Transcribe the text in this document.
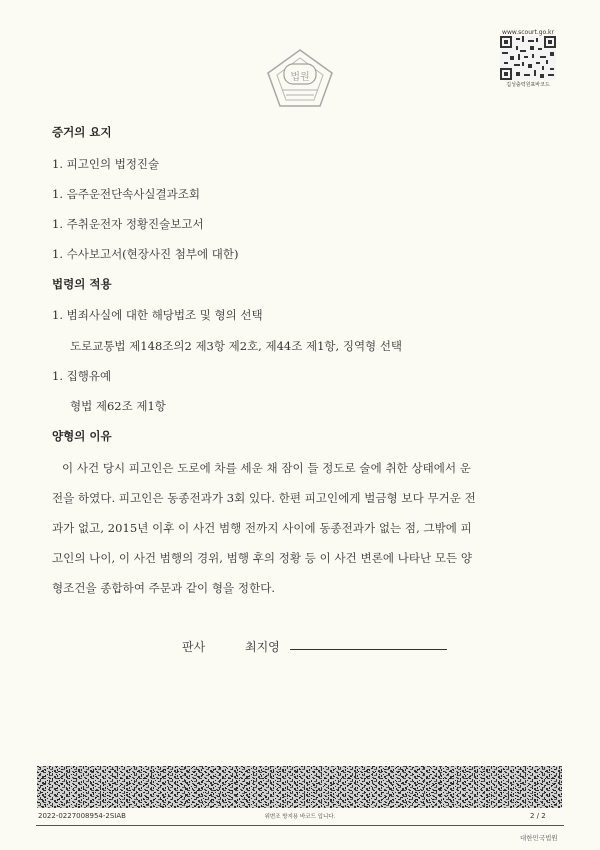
www.scourt.go.kr
깁성출력원표바코드
법원
증거의 요지
1. 피고인의 법정진술
1. 음주운전단속사실결과조회
1. 주취운전자 정황진술보고서
1. 수사보고서(현장사진 첨부에 대한)
법령의 적용
1. 범죄사실에 대한 해당법조 및 형의 선택
도로교통법 제148조의2 제3항 제2호, 제44조 제1항, 징역형 선택
1. 집행유예
형법 제62조 제1항
양형의 이유
이 사건 당시 피고인은 도로에 차를 세운 채 잠이 들 정도로 술에 취한 상태에서 운
전을 하였다. 피고인은 동종전과가 3회 있다. 한편 피고인에게 벌금형 보다 무거운 전
과가 없고, 2015년 이후 이 사건 범행 전까지 사이에 동종전과가 없는 점, 그밖에 피
고인의 나이, 이 사건 범행의 경위, 범행 후의 정황 등 이 사건 변론에 나타난 모든 양
형조건을 종합하여 주문과 같이 형을 정한다.
판사	최지영
2022-0227008954-2SIAB	위변조 방지용 바코드 입니다.	2 / 2
대한민국법원
